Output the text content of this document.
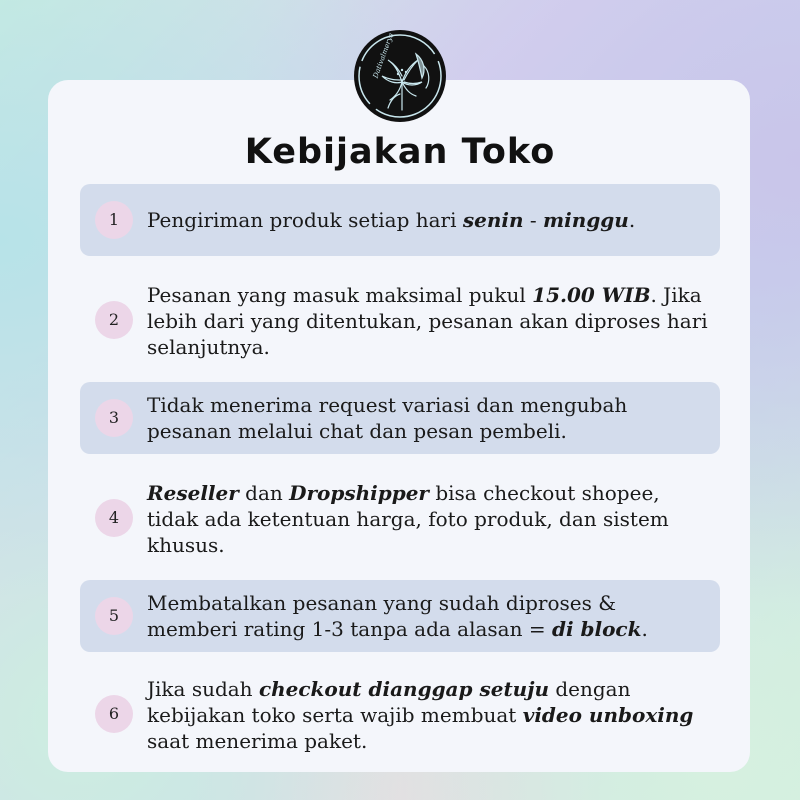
Dativalmerya
Kebijakan Toko
1	Pengiriman produk setiap hari senin - minggu.
2
Pesanan yang masuk maksimal pukul 15.00 WIB. Jika lebih dari yang ditentukan, pesanan akan diproses hari selanjutnya.
3
Tidak menerima request variasi dan mengubah pesanan melalui chat dan pesan pembeli.
4
Reseller dan Dropshipper bisa checkout shopee, tidak ada ketentuan harga, foto produk, dan sistem khusus.
5
Membatalkan pesanan yang sudah diproses & memberi rating 1-3 tanpa ada alasan = di block.
6
Jika sudah checkout dianggap setuju dengan kebijakan toko serta wajib membuat video unboxing saat menerima paket.
